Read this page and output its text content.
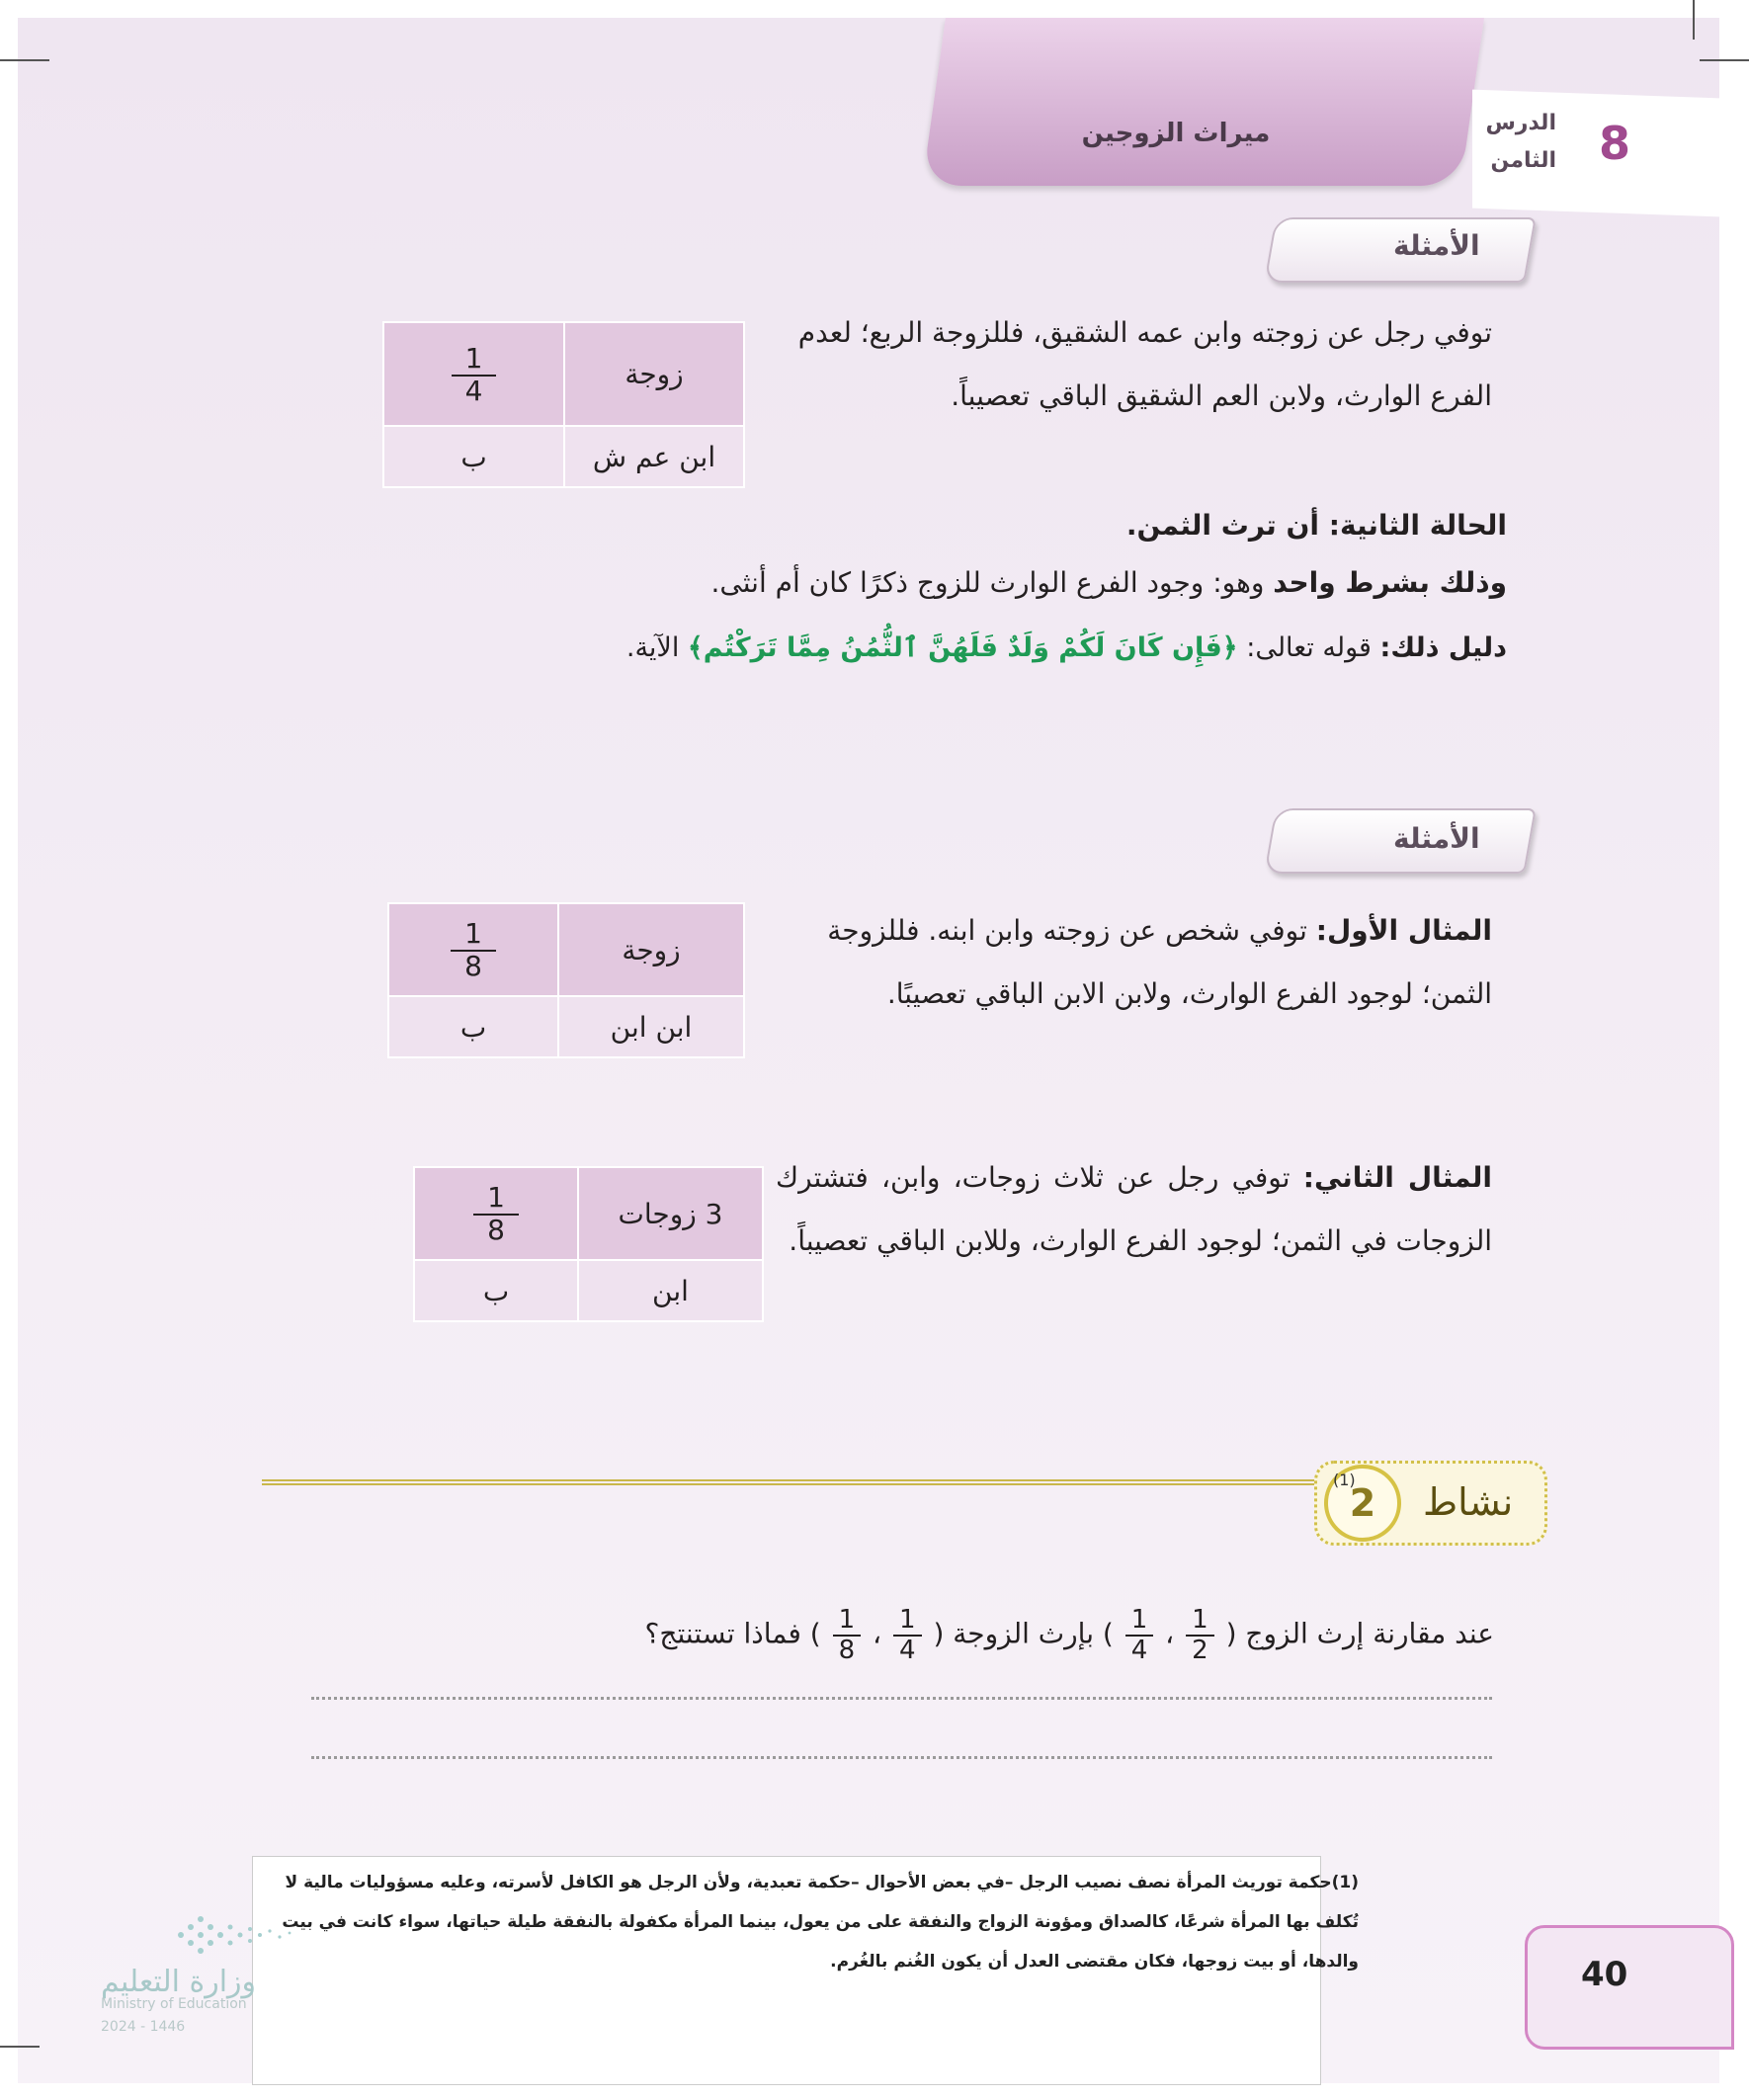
ميراث الزوجين	الدرس
الثامن 8
الأمثلة
توفي رجل عن زوجته وابن عمه الشقيق، فللزوجة الربع؛ لعدم الفرع الوارث، ولابن العم الشقيق الباقي تعصيباً.
زوجة	$\frac{1}{4}$

ابن عم ش	ب
الحالة الثانية: أن ترث الثمن.
وذلك بشرط واحد وهو: وجود الفرع الوارث للزوج ذكرًا كان أم أنثى.
دليل ذلك: قوله تعالى: ﴿فَإِن كَانَ لَكُمْ وَلَدٌ فَلَهُنَّ ٱلثُّمُنُ مِمَّا تَرَكْتُم﴾ الآية.
الأمثلة
المثال الأول: توفي شخص عن زوجته وابن ابنه. فللزوجة الثمن؛ لوجود الفرع الوارث، ولابن الابن الباقي تعصيبًا.
زوجة	$\frac{1}{8}$

ابن ابن	ب
المثال الثاني: توفي رجل عن ثلاث زوجات، وابن، فتشترك الزوجات في الثمن؛ لوجود الفرع الوارث، وللابن الباقي تعصيباً.
3 زوجات	$\frac{1}{8}$

ابن	ب
2
(1)
نشاط
عند مقارنة إرث الزوج (
$\frac{1}{2}$
،
$\frac{1}{4}$
) بإرث الزوجة (
$\frac{1}{4}$
،
$\frac{1}{8}$
) فماذا تستنتج؟
(1)حكمة توريث المرأة نصف نصيب الرجل –في بعض الأحوال –حكمة تعبدية، ولأن الرجل هو الكافل لأسرته، وعليه مسؤوليات مالية لا تُكلف بها المرأة شرعًا، كالصداق ومؤونة الزواج والنفقة على من يعول، بينما المرأة مكفولة بالنفقة طيلة حياتها، سواء كانت في بيت والدها، أو بيت زوجها، فكان مقتضى العدل أن يكون الغُنم بالغُرم.	40
وزارة التعليم
Ministry of Education
2024 - 1446
